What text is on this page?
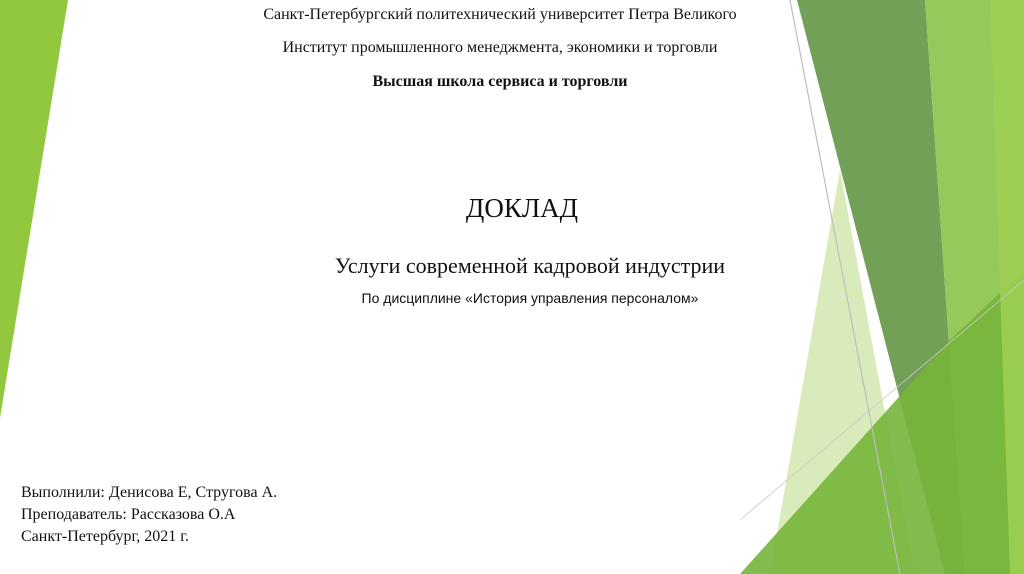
Санкт-Петербургский политехнический университет Петра Великого
Институт промышленного менеджмента, экономики и торговли
Высшая школа сервиса и торговли
ДОКЛАД
Услуги современной кадровой индустрии
По дисциплине «История управления персоналом»
Выполнили: Денисова Е, Стругова А.
Преподаватель: Рассказова О.А
Санкт-Петербург, 2021 г.
